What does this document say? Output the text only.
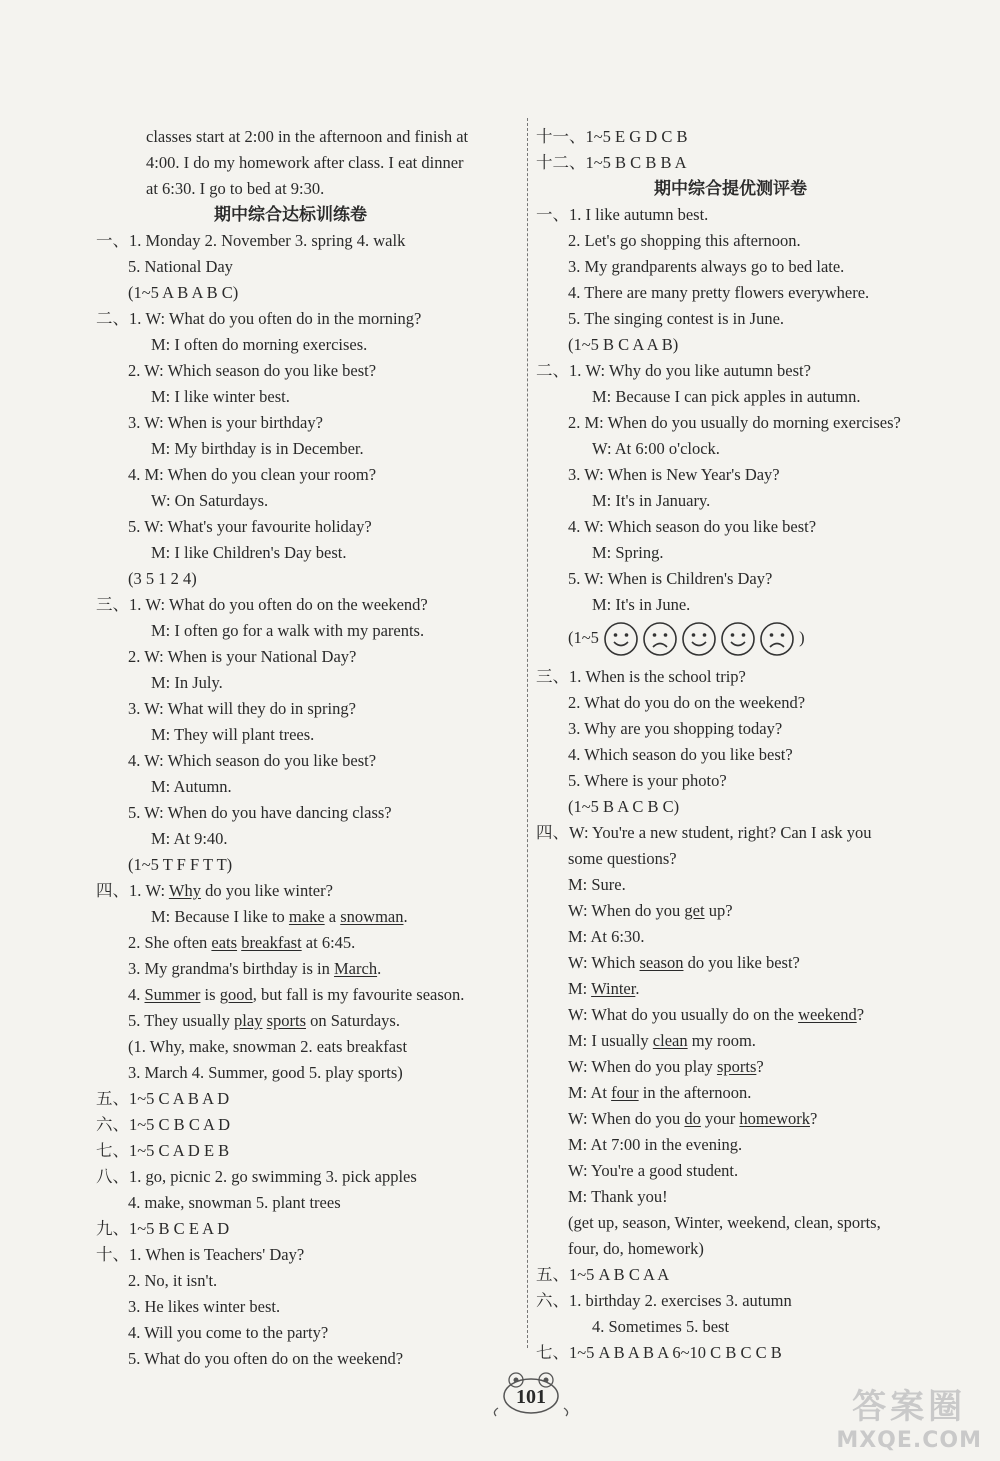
classes start at 2:00 in the afternoon and finish at
4:00. I do my homework after class. I eat dinner
at 6:30. I go to bed at 9:30.
期中综合达标训练卷
一、1. Monday 2. November 3. spring 4. walk
5. National Day
(1~5 A B A B C)
二、1. W: What do you often do in the morning?
M: I often do morning exercises.
2. W: Which season do you like best?
M: I like winter best.
3. W: When is your birthday?
M: My birthday is in December.
4. M: When do you clean your room?
W: On Saturdays.
5. W: What's your favourite holiday?
M: I like Children's Day best.
(3 5 1 2 4)
三、1. W: What do you often do on the weekend?
M: I often go for a walk with my parents.
2. W: When is your National Day?
M: In July.
3. W: What will they do in spring?
M: They will plant trees.
4. W: Which season do you like best?
M: Autumn.
5. W: When do you have dancing class?
M: At 9:40.
(1~5 T F F T T)
四、1. W: Why do you like winter?
M: Because I like to make a snowman.
2. She often eats breakfast at 6:45.
3. My grandma's birthday is in March.
4. Summer is good, but fall is my favourite season.
5. They usually play sports on Saturdays.
(1. Why, make, snowman 2. eats breakfast
3. March 4. Summer, good 5. play sports)
五、1~5 C A B A D
六、1~5 C B C A D
七、1~5 C A D E B
八、1. go, picnic 2. go swimming 3. pick apples
4. make, snowman 5. plant trees
九、1~5 B C E A D
十、1. When is Teachers' Day?
2. No, it isn't.
3. He likes winter best.
4. Will you come to the party?
5. What do you often do on the weekend?
十一、1~5 E G D C B
十二、1~5 B C B B A
期中综合提优测评卷
一、1. I like autumn best.
2. Let's go shopping this afternoon.
3. My grandparents always go to bed late.
4. There are many pretty flowers everywhere.
5. The singing contest is in June.
(1~5 B C A A B)
二、1. W: Why do you like autumn best?
M: Because I can pick apples in autumn.
2. M: When do you usually do morning exercises?
W: At 6:00 o'clock.
3. W: When is New Year's Day?
M: It's in January.
4. W: Which season do you like best?
M: Spring.
5. W: When is Children's Day?
M: It's in June.
(1~5	)
三、1. When is the school trip?
2. What do you do on the weekend?
3. Why are you shopping today?
4. Which season do you like best?
5. Where is your photo?
(1~5 B A C B C)
四、W: You're a new student, right? Can I ask you
some questions?
M: Sure.
W: When do you get up?
M: At 6:30.
W: Which season do you like best?
M: Winter.
W: What do you usually do on the weekend?
M: I usually clean my room.
W: When do you play sports?
M: At four in the afternoon.
W: When do you do your homework?
M: At 7:00 in the evening.
W: You're a good student.
M: Thank you!
(get up, season, Winter, weekend, clean, sports,
four, do, homework)
五、1~5 A B C A A
六、1. birthday 2. exercises 3. autumn
4. Sometimes 5. best
七、1~5 A B A B A 6~10 C B C C B
101	答案圈
MXQE.COM
